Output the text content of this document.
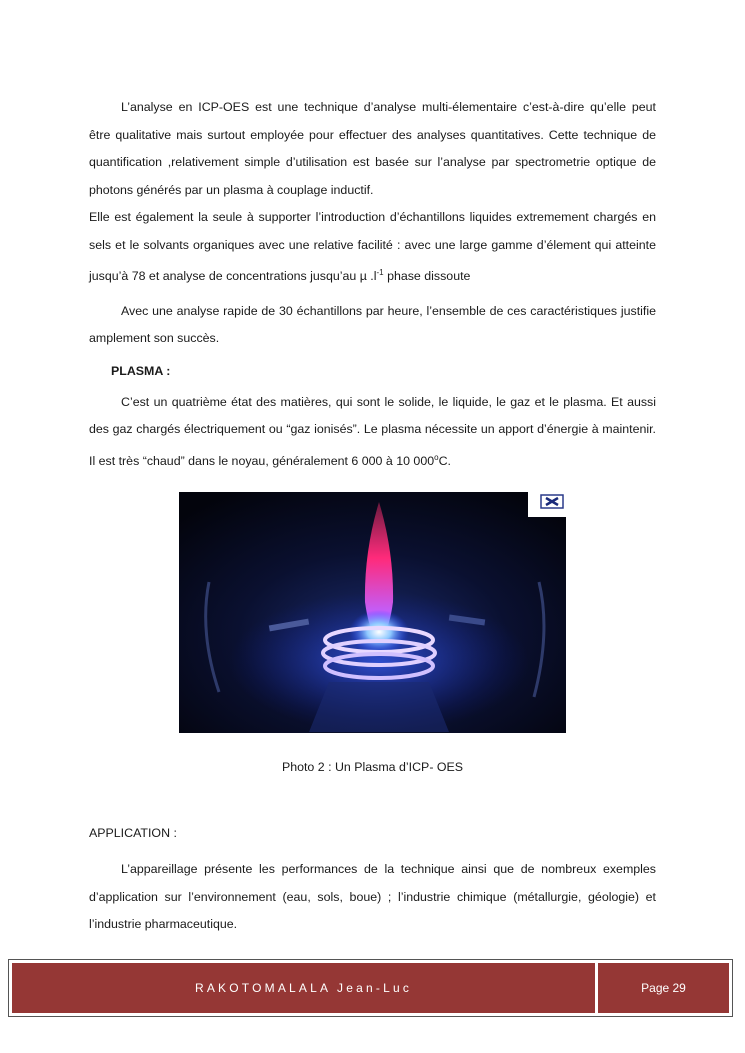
L’analyse en ICP-OES est une technique d’analyse multi-élementaire c’est-à-dire qu’elle peut être qualitative mais surtout employée pour effectuer des analyses quantitatives. Cette technique de quantification ,relativement simple d’utilisation est basée sur l’analyse par spectrometrie optique de photons générés par un plasma à couplage inductif.

Elle est également la seule à supporter l’introduction d’échantillons liquides extremement chargés en sels et le solvants organiques avec une relative facilité : avec une large gamme d’élement qui atteinte jusqu’à 78 et analyse de concentrations jusqu’au µ $.l^{-1}$ phase dissoute

Avec une analyse rapide de 30 échantillons par heure, l’ensemble de ces caractéristiques justifie amplement son succès.

PLASMA :

C’est un quatrième état des matières, qui sont le solide, le liquide, le gaz et le plasma. Et aussi des gaz chargés électriquement ou “gaz ionisés”. Le plasma nécessite un apport d’énergie à maintenir. Il est très “chaud” dans le noyau, généralement 6 000 à 10 000$^o$C.

Photo 2 : Un Plasma d’ICP- OES
APPLICATION :

L’appareillage présente les performances de la technique ainsi que de nombreux exemples d’application sur l’environnement (eau, sols, boue) ; l’industrie chimique (métallurgie, géologie) et l’industrie pharmaceutique.

RAKOTOMALALA Jean-Luc	Page 29
